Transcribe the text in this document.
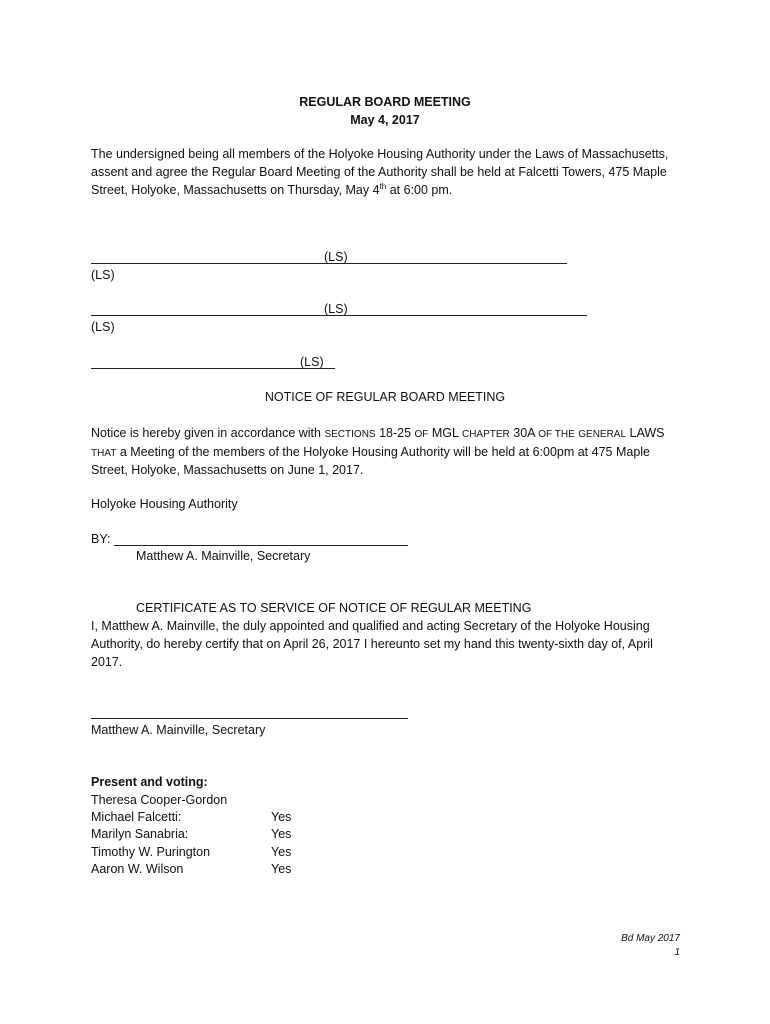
REGULAR BOARD MEETING
May 4, 2017
The undersigned being all members of the Holyoke Housing Authority under the Laws of Massachusetts,
assent and agree the Regular Board Meeting of the Authority shall be held at Falcetti Towers, 475 Maple
Street, Holyoke, Massachusetts on Thursday, May 4th at 6:00 pm.
(LS)
(LS)
(LS)
(LS)
(LS)
NOTICE OF REGULAR BOARD MEETING
Notice is hereby given in accordance with SECTIONS 18-25 OF MGL CHAPTER 30A OF THE GENERAL LAWS
THAT a Meeting of the members of the Holyoke Housing Authority will be held at 6:00pm at 475 Maple
Street, Holyoke, Massachusetts on June 1, 2017.
Holyoke Housing Authority
BY:
Matthew A. Mainville, Secretary
CERTIFICATE AS TO SERVICE OF NOTICE OF REGULAR MEETING
I, Matthew A. Mainville, the duly appointed and qualified and acting Secretary of the Holyoke Housing
Authority, do hereby certify that on April 26, 2017 I hereunto set my hand this twenty-sixth day of, April
2017.
Matthew A. Mainville, Secretary
Present and voting:
Theresa Cooper-Gordon
Michael Falcetti:	Yes
Marilyn Sanabria:	Yes
Timothy W. Purington	Yes
Aaron W. Wilson	Yes
Bd May 2017
1
